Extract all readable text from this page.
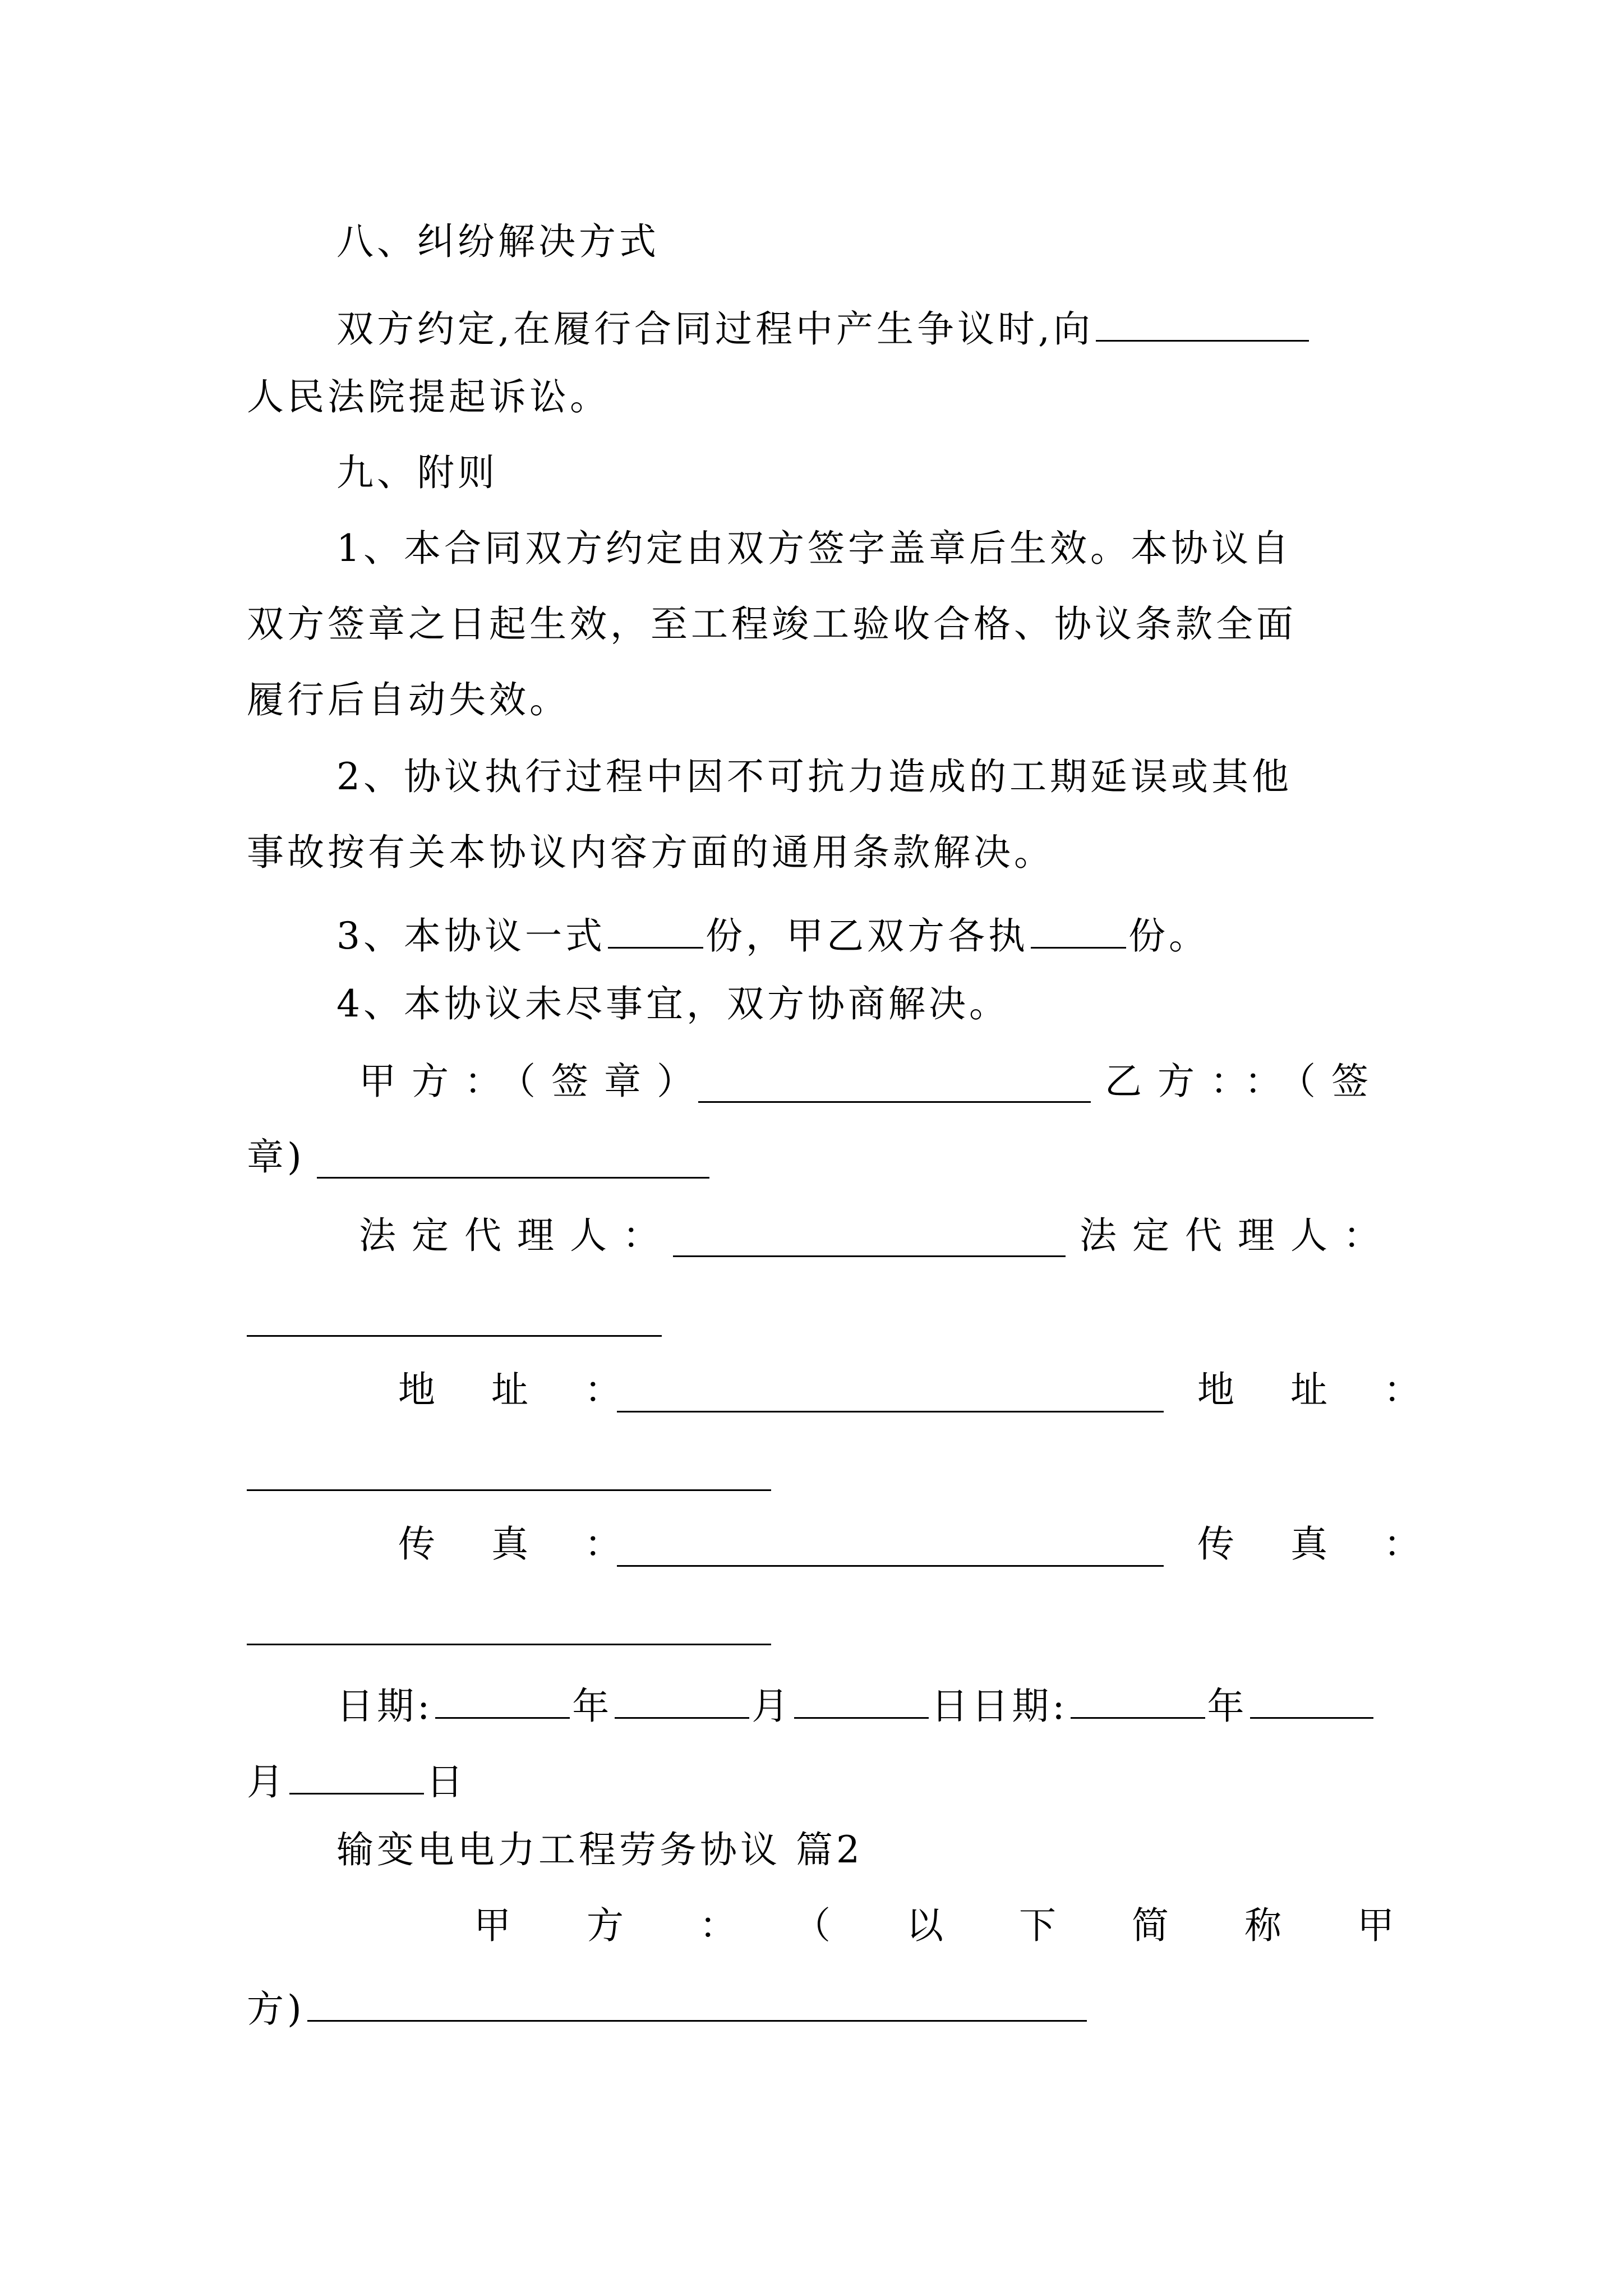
八、纠纷解决方式
双方约定,在履行合同过程中产生争议时,向
人民法院提起诉讼。
九、附则
1、本合同双方约定由双方签字盖章后生效。本协议自
双方签章之日起生效，至工程竣工验收合格、协议条款全面
履行后自动失效。
2、协议执行过程中因不可抗力造成的工期延误或其他
事故按有关本协议内容方面的通用条款解决。
3、本协议一式	份，甲乙双方各执	份。
4、本协议未尽事宜，双方协商解决。
甲方：（签章）	乙方：：（签
章)
法定代理人：	法定代理人：
地址：	地址：
传真：	传真：
日期:	年	月	日日期:	年
月	日
输变电电力工程劳务协议 篇2
甲方：（以下简称甲
方)
